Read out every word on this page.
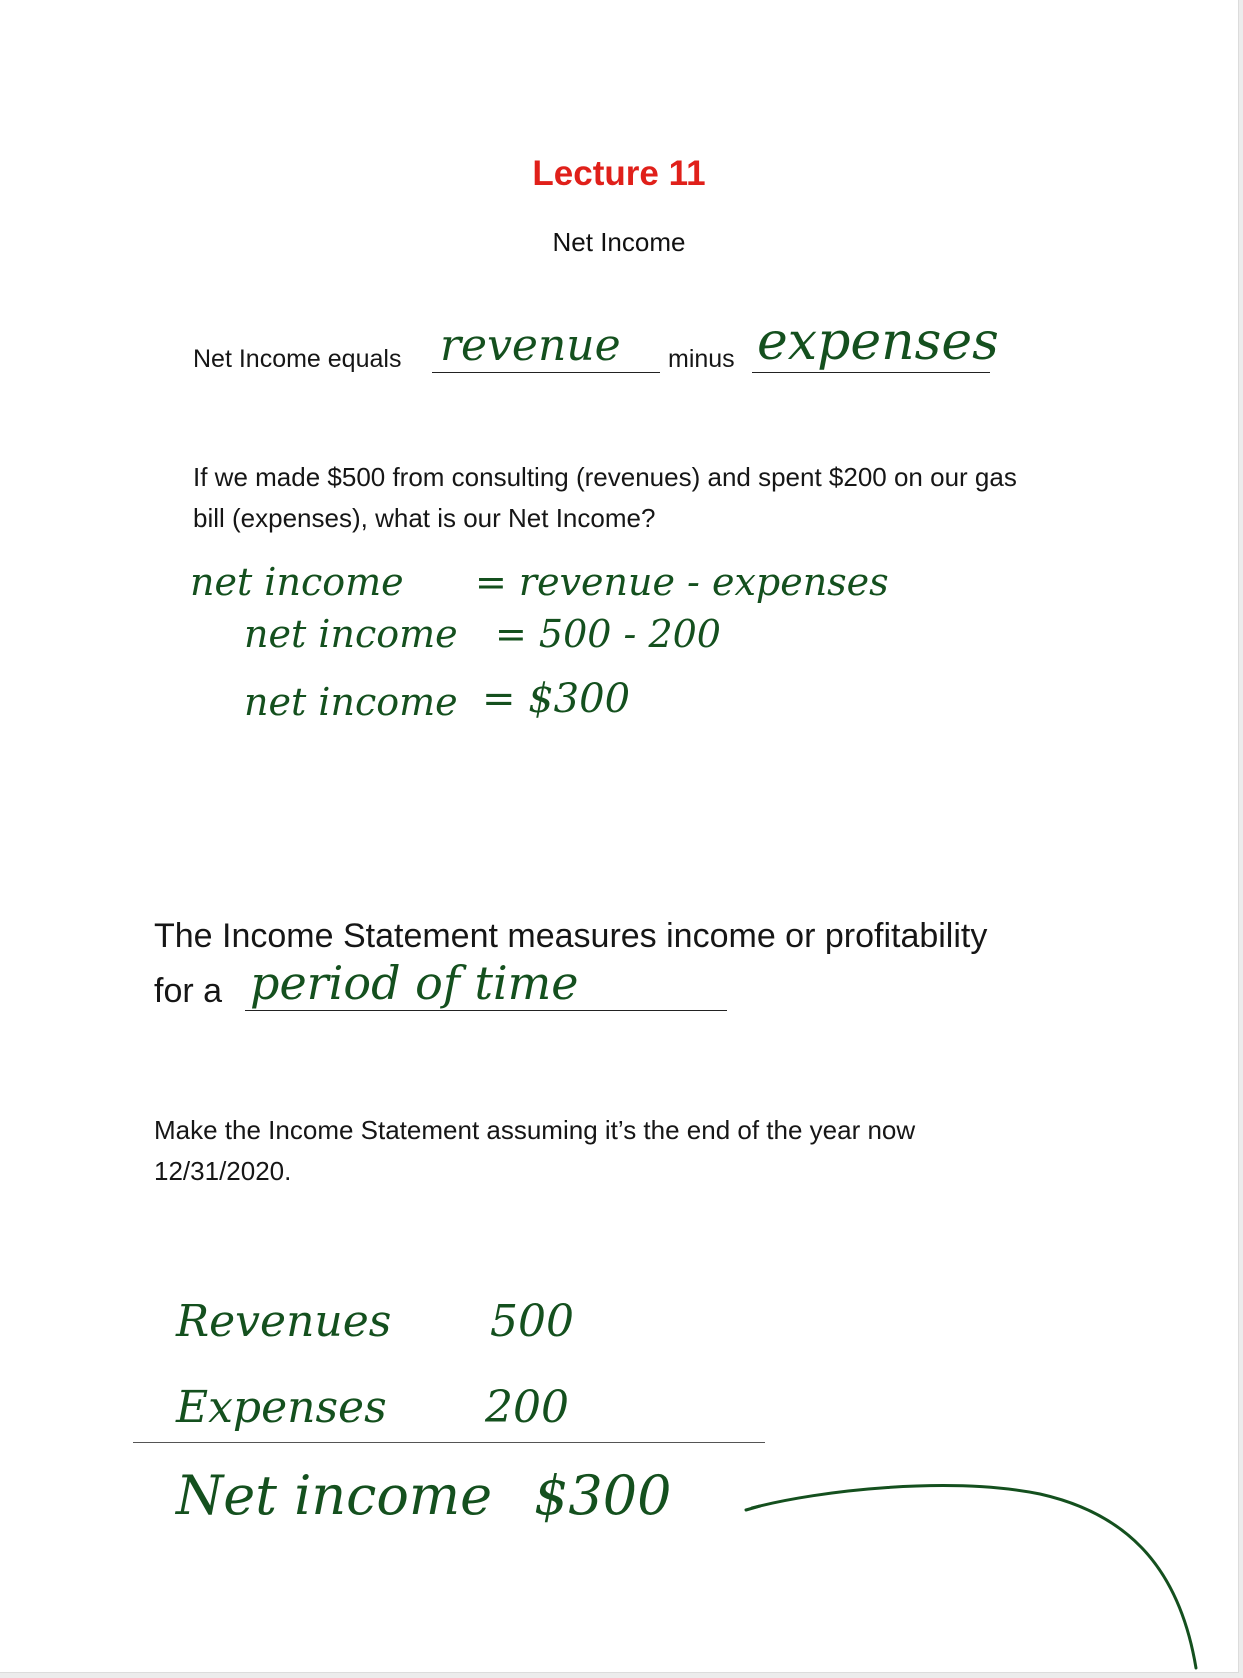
Lecture 11
Net Income
Net Income equals revenue minus expenses

If we made $500 from consulting (revenues) and spent $200 on our gas

bill (expenses), what is our Net Income?

net income = revenue - expenses
net income = 500 - 200
net income = $300

The Income Statement measures income or profitability

for a period of time

Make the Income Statement assuming it’s the end of the year now

12/31/2020.

Revenues 500
Expenses 200
Net income $300
